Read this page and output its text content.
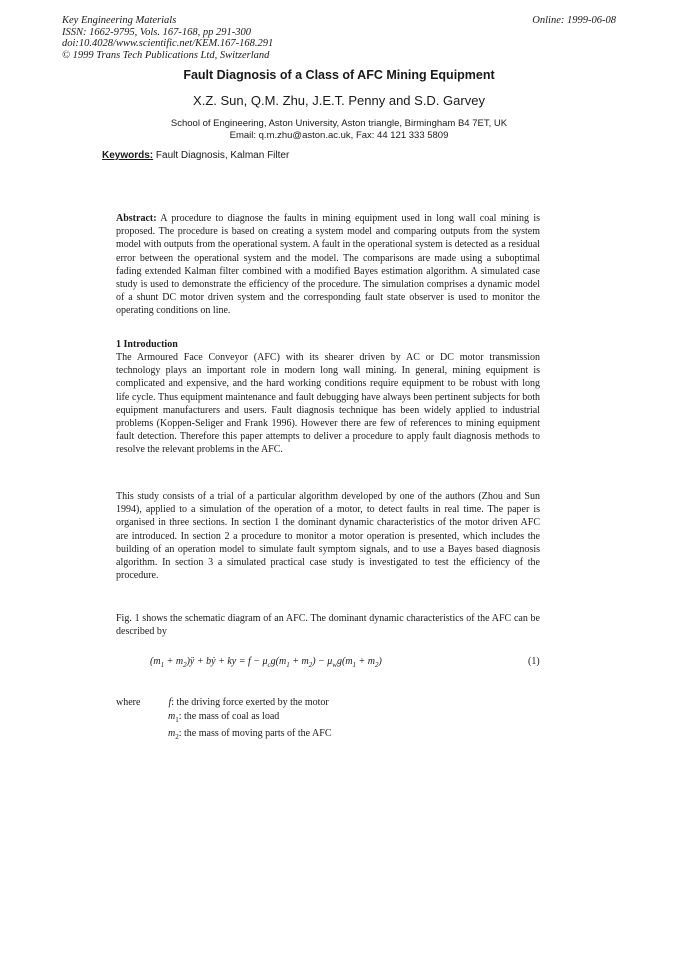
Key Engineering Materials
ISSN: 1662-9795, Vols. 167-168, pp 291-300
doi:10.4028/www.scientific.net/KEM.167-168.291
© 1999 Trans Tech Publications Ltd, Switzerland
Online: 1999-06-08
Fault Diagnosis of a Class of AFC Mining Equipment
X.Z. Sun, Q.M. Zhu, J.E.T. Penny and S.D. Garvey
School of Engineering, Aston University, Aston triangle, Birmingham B4 7ET, UK
Email: q.m.zhu@aston.ac.uk, Fax: 44 121 333 5809
Keywords: Fault Diagnosis, Kalman Filter
Abstract: A procedure to diagnose the faults in mining equipment used in long wall coal mining is proposed. The procedure is based on creating a system model and comparing outputs from the system model with outputs from the operational system. A fault in the operational system is detected as a residual error between the operational system and the model. The comparisons are made using a suboptimal fading extended Kalman filter combined with a modified Bayes estimation algorithm. A simulated case study is used to demonstrate the efficiency of the procedure. The simulation comprises a dynamic model of a shunt DC motor driven system and the corresponding fault state observer is used to monitor the operating conditions on line.
1 Introduction
The Armoured Face Conveyor (AFC) with its shearer driven by AC or DC motor transmission technology plays an important role in modern long wall mining. In general, mining equipment is complicated and expensive, and the hard working conditions require equipment to be robust with long life cycle. Thus equipment maintenance and fault debugging have always been pertinent subjects for both equipment manufacturers and users. Fault diagnosis technique has been widely applied to industrial problems (Koppen-Seliger and Frank 1996). However there are few of references to mining equipment fault detection. Therefore this paper attempts to deliver a procedure to apply fault diagnosis methods to resolve the relevant problems in the AFC.
This study consists of a trial of a particular algorithm developed by one of the authors (Zhou and Sun 1994), applied to a simulation of the operation of a motor, to detect faults in real time. The paper is organised in three sections. In section 1 the dominant dynamic characteristics of the motor driven AFC are introduced. In section 2 a procedure to monitor a motor operation is presented, which includes the building of an operation model to simulate fault symptom signals, and to use a Bayes based diagnosis algorithm. In section 3 a simulated practical case study is investigated to test the efficiency of the procedure.
Fig. 1 shows the schematic diagram of an AFC. The dominant dynamic characteristics of the AFC can be described by
($m_1$ + $m_2)ÿ$ + bẏ + ky = $f - \mu_cg(m_1 + m_2) - \mu_wg(m_1 + m_2)$	(1)
where	f: the driving force exerted by the motor
$m_1$: the mass of coal as load
$m_2$: the mass of moving parts of the AFC
